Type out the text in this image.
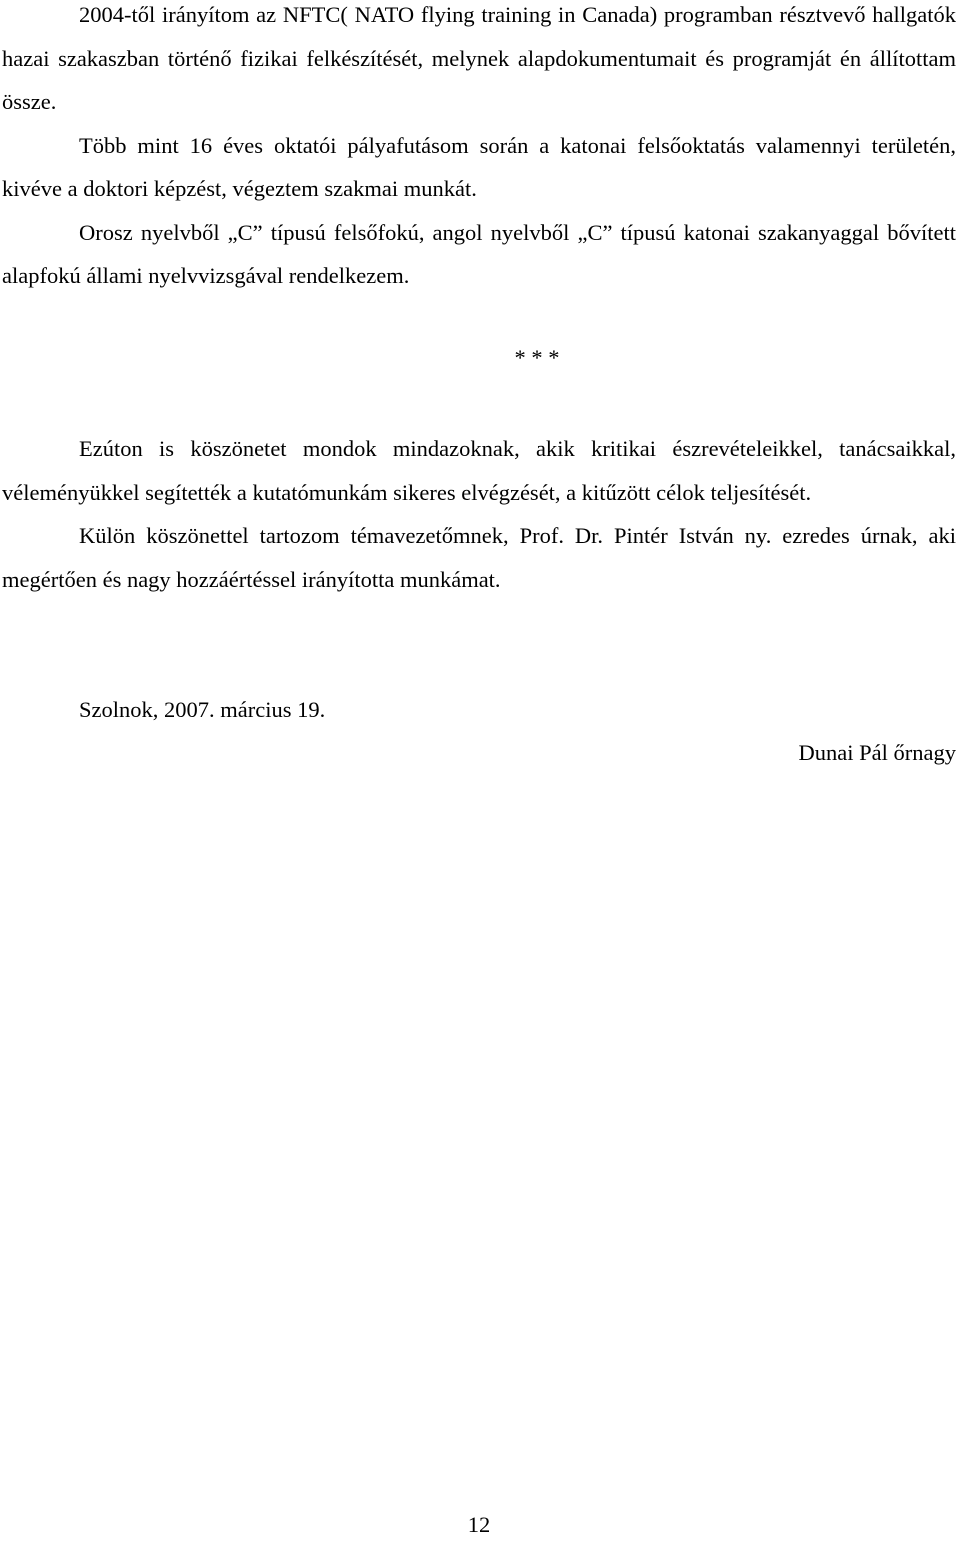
2004-től irányítom az NFTC( NATO flying training in Canada) programban résztvevő hallgatók hazai szakaszban történő fizikai felkészítését, melynek alapdokumentumait és programját én állítottam össze.

Több mint 16 éves oktatói pályafutásom során a katonai felsőoktatás valamennyi területén, kivéve a doktori képzést, végeztem szakmai munkát.

Orosz nyelvből „C” típusú felsőfokú, angol nyelvből „C” típusú katonai szakanyaggal bővített alapfokú állami nyelvvizsgával rendelkezem.

* * *

Ezúton is köszönetet mondok mindazoknak, akik kritikai észrevételeikkel, tanácsaikkal, véleményükkel segítették a kutatómunkám sikeres elvégzését, a kitűzött célok teljesítését.

Külön köszönettel tartozom témavezetőmnek, Prof. Dr. Pintér István ny. ezredes úrnak, aki megértően és nagy hozzáértéssel irányította munkámat.

Szolnok, 2007. március 19.
Dunai Pál őrnagy
12
